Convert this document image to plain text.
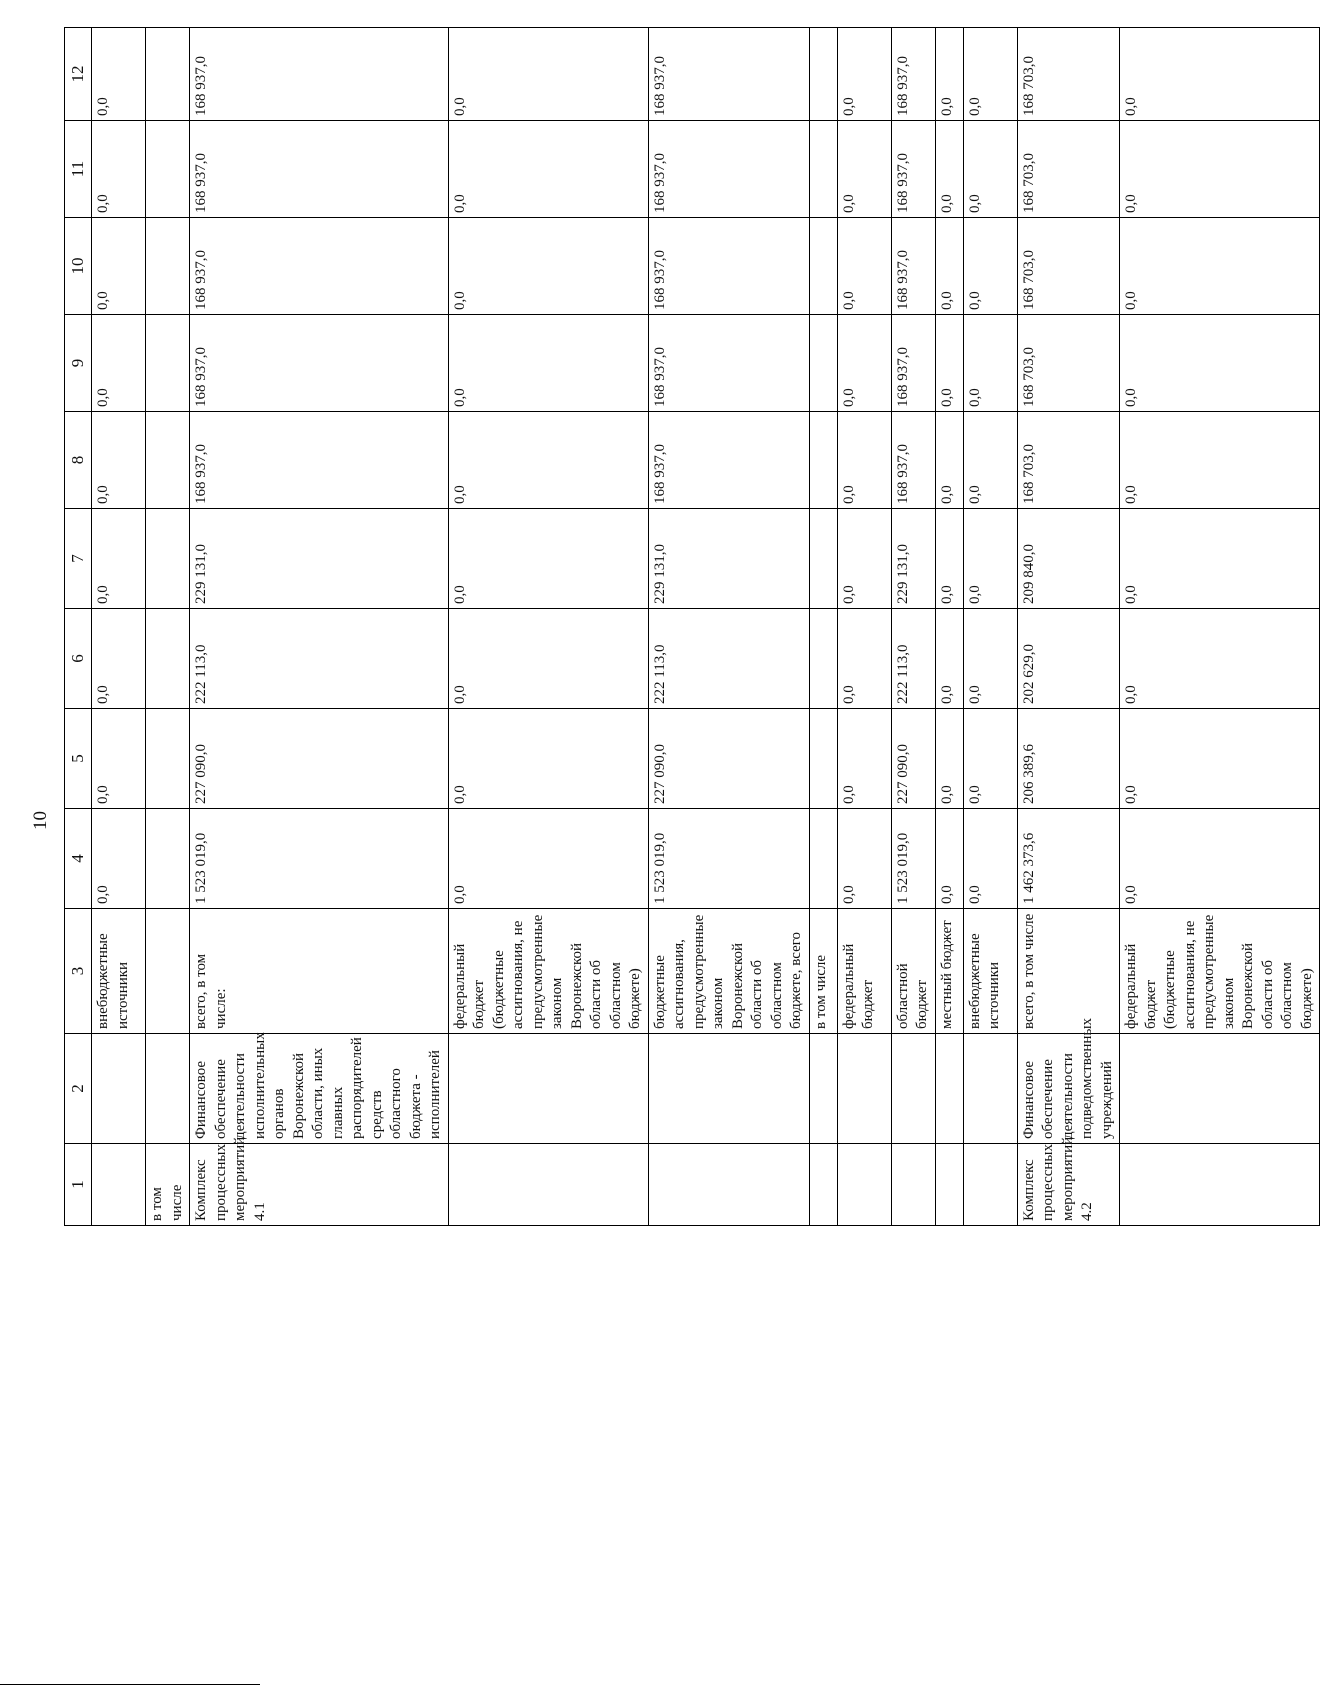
10
1	2	3	4	5	6	7	8	9	10	11	12
		внебюджетные источники	0,0	0,0	0,0	0,0	0,0	0,0	0,0	0,0	0,0
в том числе											
Комплекс процессных мероприятий 4.1	Финансовое обеспечение деятельности исполнительных органов Воронежской области, иных главных распорядителей средств областного бюджета - исполнителей	всего, в том числе:	1 523 019,0	227 090,0	222 113,0	229 131,0	168 937,0	168 937,0	168 937,0	168 937,0	168 937,0
		федеральный бюджет (бюджетные ассигнования, не предусмотренные законом Воронежской области об областном бюджете)	0,0	0,0	0,0	0,0	0,0	0,0	0,0	0,0	0,0
		бюджетные ассигнования, предусмотренные законом Воронежской области об областном бюджете, всего	1 523 019,0	227 090,0	222 113,0	229 131,0	168 937,0	168 937,0	168 937,0	168 937,0	168 937,0
		в том числе									
		федеральный бюджет	0,0	0,0	0,0	0,0	0,0	0,0	0,0	0,0	0,0
		областной бюджет	1 523 019,0	227 090,0	222 113,0	229 131,0	168 937,0	168 937,0	168 937,0	168 937,0	168 937,0
		местный бюджет	0,0	0,0	0,0	0,0	0,0	0,0	0,0	0,0	0,0
		внебюджетные источники	0,0	0,0	0,0	0,0	0,0	0,0	0,0	0,0	0,0
Комплекс процессных мероприятий 4.2	Финансовое обеспечение деятельности подведомственных учреждений	всего, в том числе	1 462 373,6	206 389,6	202 629,0	209 840,0	168 703,0	168 703,0	168 703,0	168 703,0	168 703,0
		федеральный бюджет (бюджетные ассигнования, не предусмотренные законом Воронежской области об областном бюджете)	0,0	0,0	0,0	0,0	0,0	0,0	0,0	0,0	0,0
